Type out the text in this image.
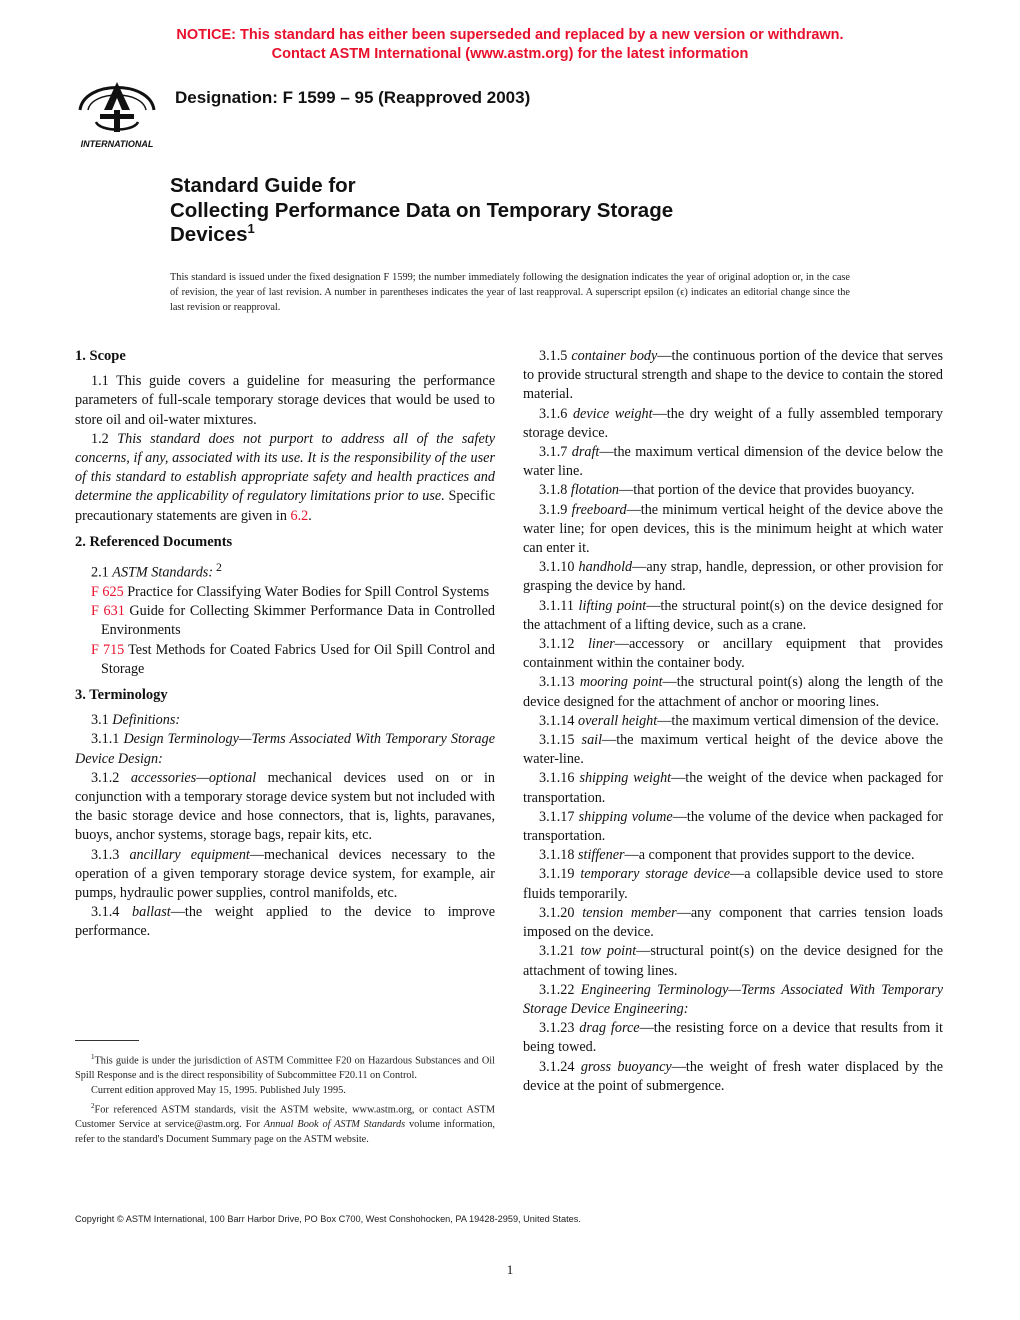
NOTICE: This standard has either been superseded and replaced by a new version or withdrawn.
Contact ASTM International (www.astm.org) for the latest information
INTERNATIONAL
Designation: F 1599 – 95 (Reapproved 2003)
Standard Guide for
Collecting Performance Data on Temporary Storage
Devices$^1$
This standard is issued under the fixed designation F 1599; the number immediately following the designation indicates the year of original adoption or, in the case of revision, the year of last revision. A number in parentheses indicates the year of last reapproval. A superscript epsilon (ϵ) indicates an editorial change since the last revision or reapproval.
1. Scope

1.1 This guide covers a guideline for measuring the performance parameters of full-scale temporary storage devices that would be used to store oil and oil-water mixtures.

1.2 This standard does not purport to address all of the safety concerns, if any, associated with its use. It is the responsibility of the user of this standard to establish appropriate safety and health practices and determine the applicability of regulatory limitations prior to use. Specific precautionary statements are given in 6.2.

2. Referenced Documents

2.1 ASTM Standards: $^2$

F 625 Practice for Classifying Water Bodies for Spill Control Systems

F 631 Guide for Collecting Skimmer Performance Data in Controlled Environments

F 715 Test Methods for Coated Fabrics Used for Oil Spill Control and Storage

3. Terminology

3.1 Definitions:

3.1.1 Design Terminology—Terms Associated With Temporary Storage Device Design:

3.1.2 accessories—optional mechanical devices used on or in conjunction with a temporary storage device system but not included with the basic storage device and hose connectors, that is, lights, paravanes, buoys, anchor systems, storage bags, repair kits, etc.

3.1.3 ancillary equipment—mechanical devices necessary to the operation of a given temporary storage device system, for example, air pumps, hydraulic power supplies, control manifolds, etc.

3.1.4 ballast—the weight applied to the device to improve performance.

3.1.5 container body—the continuous portion of the device that serves to provide structural strength and shape to the device to contain the stored material.

3.1.6 device weight—the dry weight of a fully assembled temporary storage device.

3.1.7 draft—the maximum vertical dimension of the device below the water line.

3.1.8 flotation—that portion of the device that provides buoyancy.

3.1.9 freeboard—the minimum vertical height of the device above the water line; for open devices, this is the minimum height at which water can enter it.

3.1.10 handhold—any strap, handle, depression, or other provision for grasping the device by hand.

3.1.11 lifting point—the structural point(s) on the device designed for the attachment of a lifting device, such as a crane.

3.1.12 liner—accessory or ancillary equipment that provides containment within the container body.

3.1.13 mooring point—the structural point(s) along the length of the device designed for the attachment of anchor or mooring lines.

3.1.14 overall height—the maximum vertical dimension of the device.

3.1.15 sail—the maximum vertical height of the device above the water-line.

3.1.16 shipping weight—the weight of the device when packaged for transportation.

3.1.17 shipping volume—the volume of the device when packaged for transportation.

3.1.18 stiffener—a component that provides support to the device.

3.1.19 temporary storage device—a collapsible device used to store fluids temporarily.

3.1.20 tension member—any component that carries tension loads imposed on the device.

3.1.21 tow point—structural point(s) on the device designed for the attachment of towing lines.

3.1.22 Engineering Terminology—Terms Associated With Temporary Storage Device Engineering:

3.1.23 drag force—the resisting force on a device that results from it being towed.

3.1.24 gross buoyancy—the weight of fresh water displaced by the device at the point of submergence.

$^1$This guide is under the jurisdiction of ASTM Committee F20 on Hazardous Substances and Oil Spill Response and is the direct responsibility of Subcommittee F20.11 on Control.

Current edition approved May 15, 1995. Published July 1995.

$^2$For referenced ASTM standards, visit the ASTM website, www.astm.org, or contact ASTM Customer Service at service@astm.org. For Annual Book of ASTM Standards volume information, refer to the standard's Document Summary page on the ASTM website.

Copyright © ASTM International, 100 Barr Harbor Drive, PO Box C700, West Conshohocken, PA 19428-2959, United States.
1
